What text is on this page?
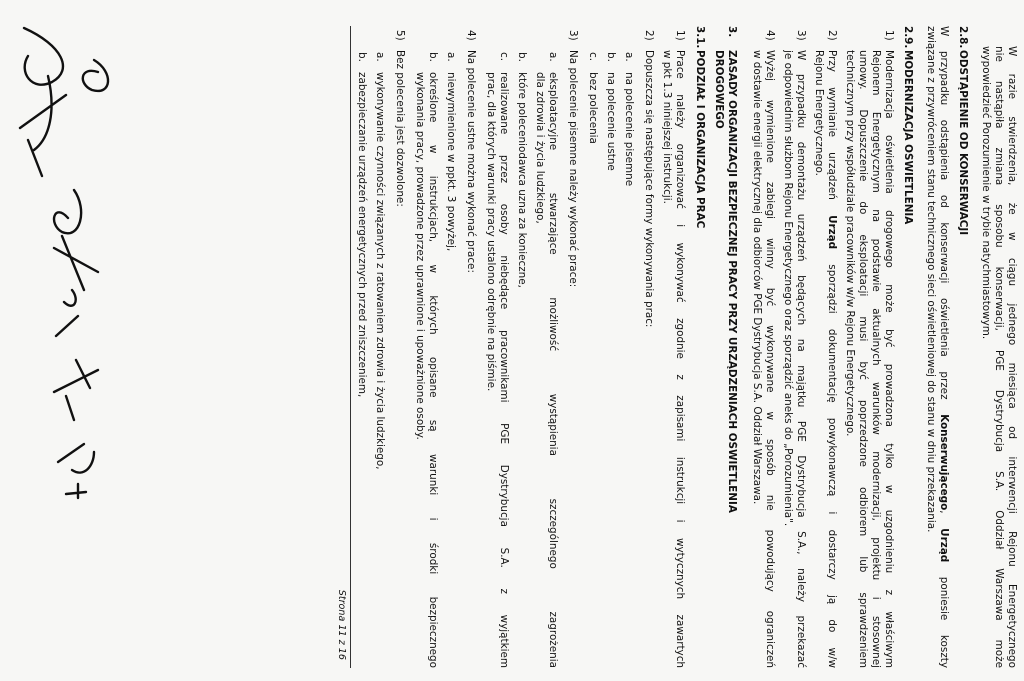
W razie stwierdzenia, że w ciągu jednego miesiąca od interwencji Rejonu Energetycznego
nie nastąpiła zmiana sposobu konserwacji, PGE Dystrybucja S.A. Oddział Warszawa może
wypowiedzieć Porozumienie w trybie natychmiastowym.
2.8.
ODSTĄPIENIE OD KONSERWACJI
W przypadku odstąpienia od konserwacji oświetlenia przez Konserwującego, Urząd poniesie koszty
związane z przywróceniem stanu technicznego sieci oświetleniowej do stanu w dniu przekazania.
2.9.
MODERNIZACJA OŚWIETLENIA
1)
Modernizacja oświetlenia drogowego może być prowadzona tylko w uzgodnieniu z właściwym
Rejonem Energetycznym na podstawie aktualnych warunków modernizacji, projektu i stosownej
umowy. Dopuszczenie do eksploatacji musi być poprzedzone odbiorem lub sprawdzeniem
technicznym przy współudziale pracowników w/w Rejonu Energetycznego.
2)
Przy wymianie urządzeń Urząd sporządzi dokumentację powykonawczą i dostarczy ją do w/w
Rejonu Energetycznego.
3)
W przypadku demontażu urządzeń będących na majątku PGE Dystrybucja S.A., należy przekazać
je odpowiednim służbom Rejonu Energetycznego oraz sporządzić aneks do „Porozumienia".
4)
Wyżej wymienione zabiegi winny być wykonywane w sposób nie powodujący ograniczeń
w dostawie energii elektrycznej dla odbiorców PGE Dystrybucja S.A. Oddział Warszawa.
3.
ZASADY ORGANIZACJI BEZPIECZNEJ PRACY PRZY URZĄDZENIACH OŚWIETLENIA
DROGOWEGO
3.1.
PODZIAŁ I ORGANIZACJA PRAC
1)
Prace należy organizować i wykonywać zgodnie z zapisami instrukcji i wytycznych zawartych
w pkt 1.3 niniejszej instrukcji.
2)
Dopuszcza się następujące formy wykonywania prac:
a.
na polecenie pisemne
b.
na polecenie ustne
c.
bez polecenia
3)
Na polecenie pisemne należy wykonać prace:
a.
eksploatacyjne stwarzające możliwość wystąpienia szczególnego zagrożenia
dla zdrowia i życia ludzkiego,
b.
które poleceniodawca uzna za konieczne,
c.
realizowane przez osoby niebędące pracownikami PGE Dystrybucja S.A. z wyjątkiem
prac, dla których warunki pracy ustalono odrębnie na piśmie.
4)
Na polecenie ustne można wykonać prace:
a.
niewymienione w ppkt. 3 powyżej,
b.
określone w instrukcjach, w których opisane są warunki i środki bezpiecznego
wykonania pracy, prowadzone przez uprawnione i upoważnione osoby.
5)
Bez polecenia jest dozwolone:
a.
wykonywanie czynności związanych z ratowaniem zdrowia i życia ludzkiego,
b.
zabezpieczanie urządzeń energetycznych przed zniszczeniem,
Strona 11 z 16
